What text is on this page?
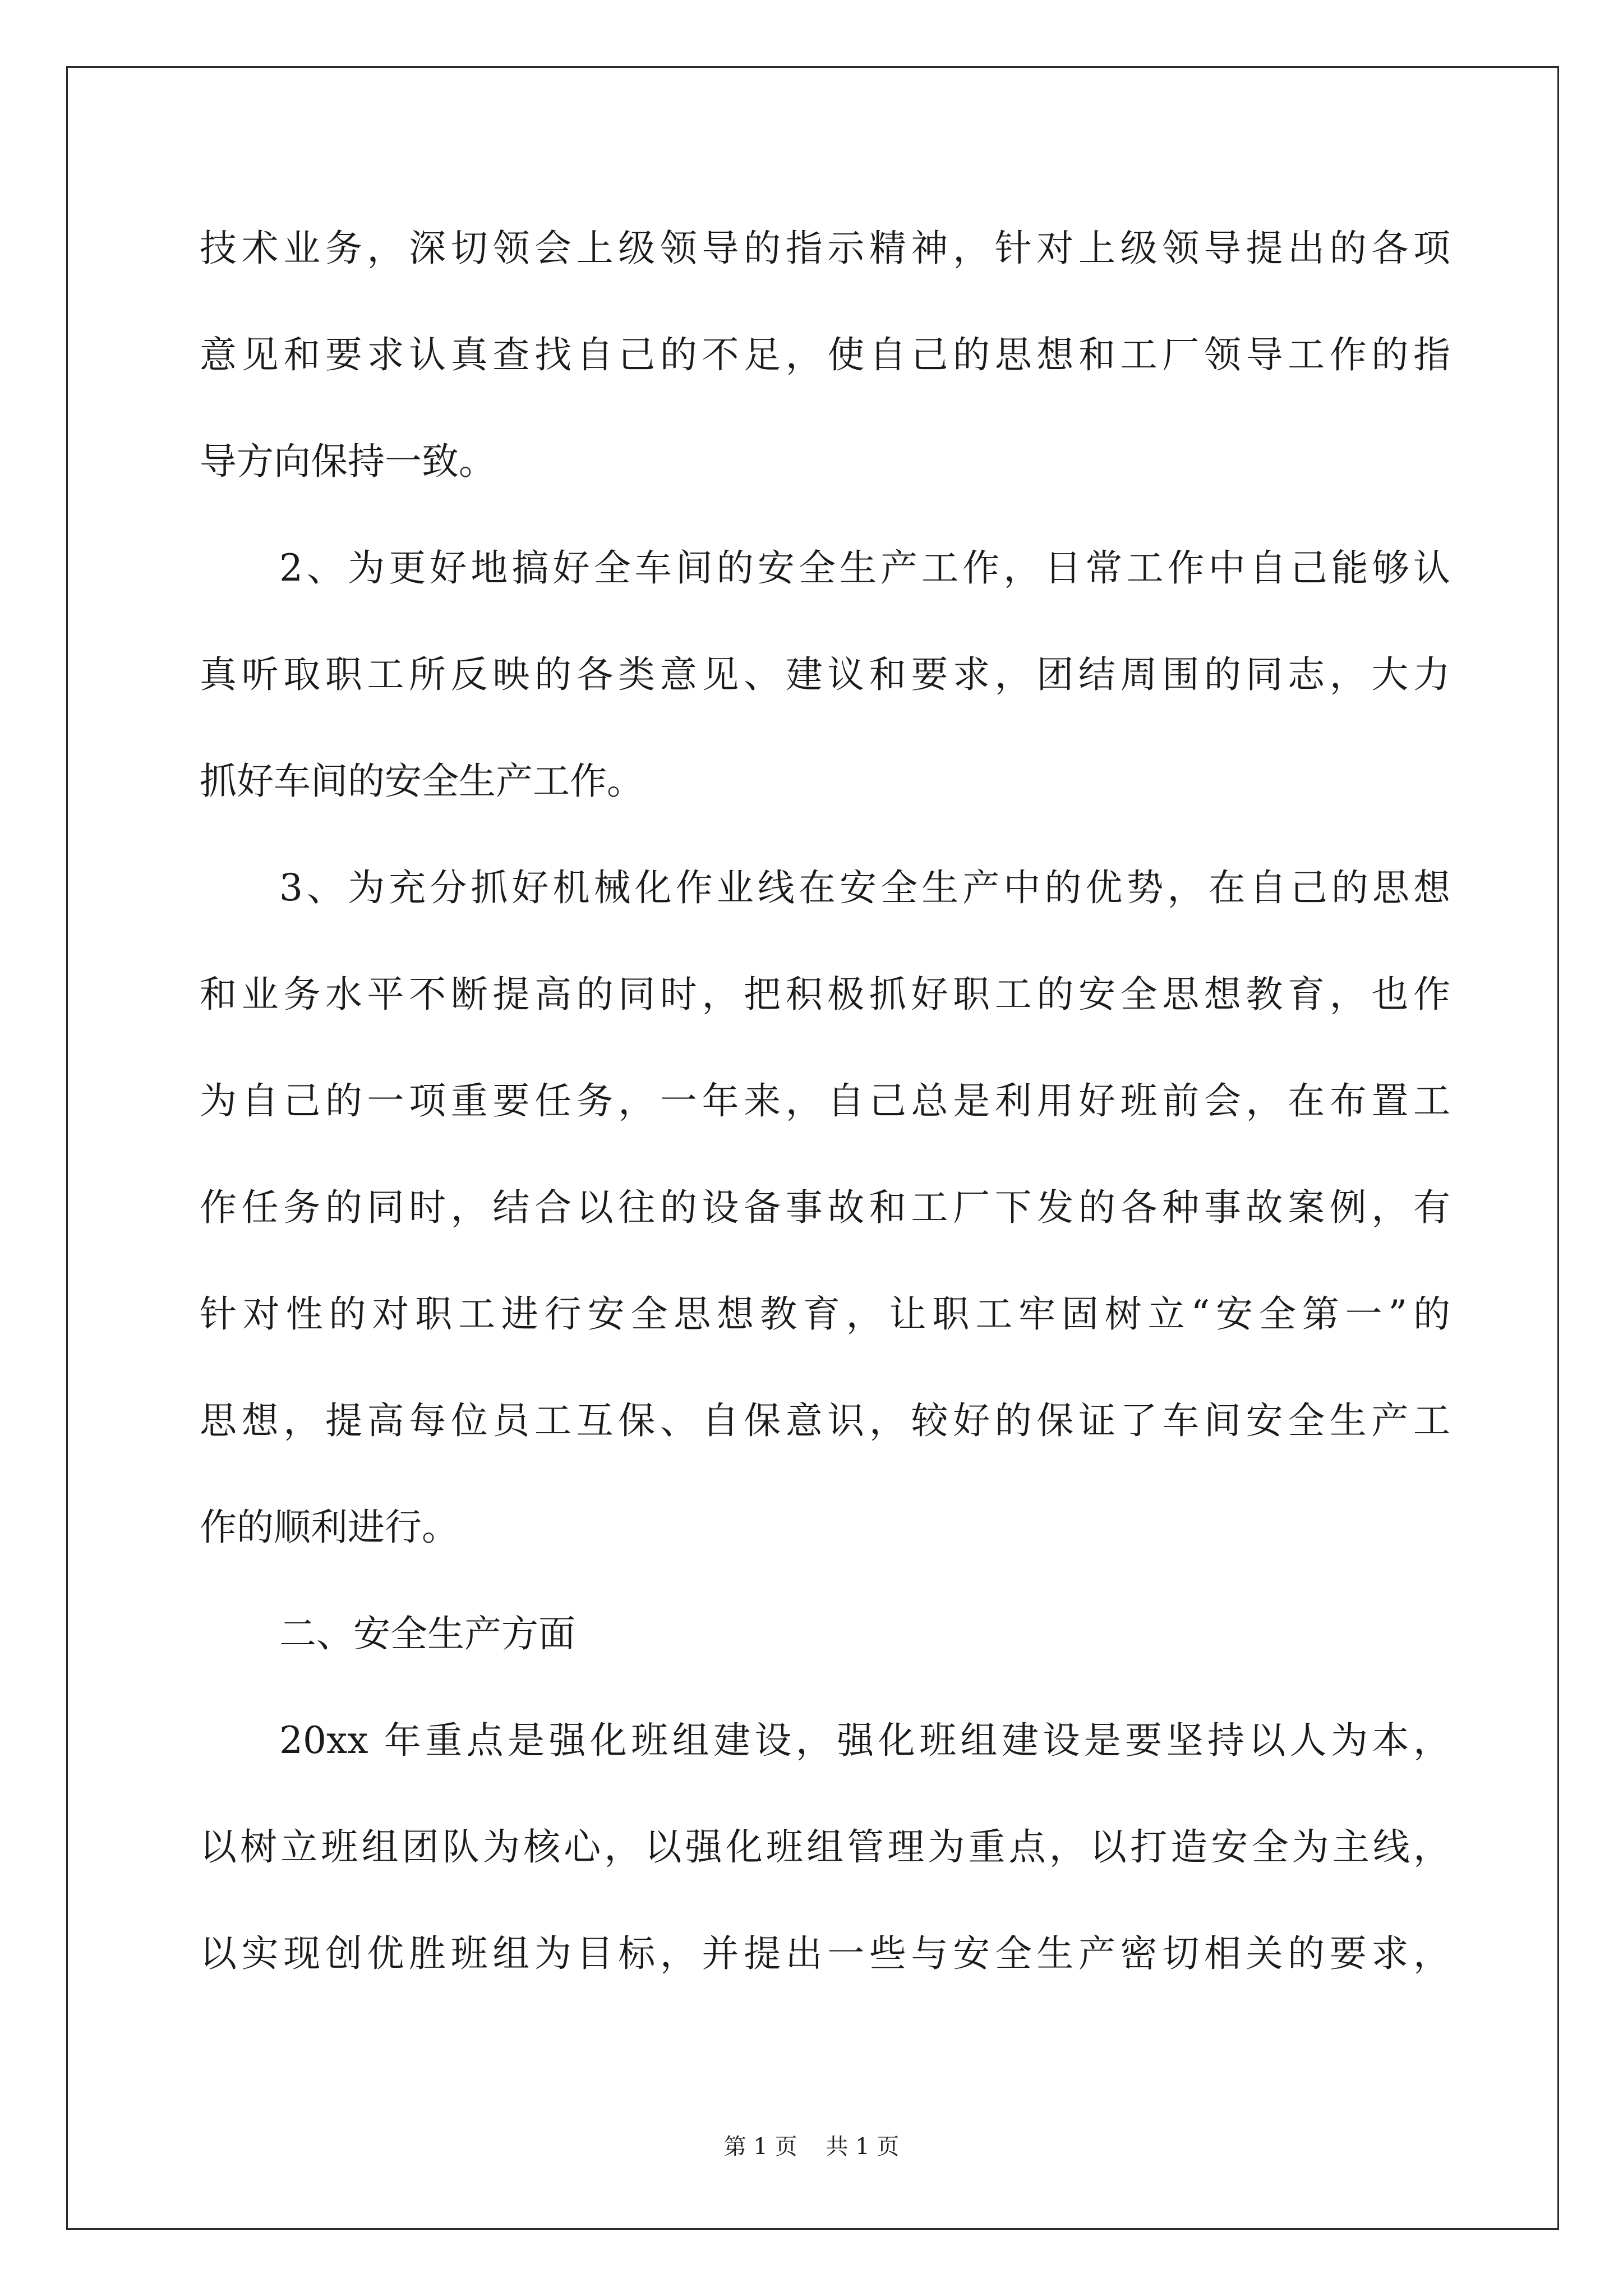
技术业务，深切领会上级领导的指示精神，针对上级领导提出的各项
意见和要求认真查找自己的不足，使自己的思想和工厂领导工作的指
导方向保持一致。
2、为更好地搞好全车间的安全生产工作，日常工作中自己能够认
真听取职工所反映的各类意见、建议和要求，团结周围的同志，大力
抓好车间的安全生产工作。
3、为充分抓好机械化作业线在安全生产中的优势，在自己的思想
和业务水平不断提高的同时，把积极抓好职工的安全思想教育，也作
为自己的一项重要任务，一年来，自己总是利用好班前会，在布置工
作任务的同时，结合以往的设备事故和工厂下发的各种事故案例，有
针对性的对职工进行安全思想教育，让职工牢固树立“安全第一”的
思想，提高每位员工互保、自保意识，较好的保证了车间安全生产工
作的顺利进行。
二、安全生产方面
20xx 年重点是强化班组建设，强化班组建设是要坚持以人为本，
以树立班组团队为核心，以强化班组管理为重点，以打造安全为主线，
以实现创优胜班组为目标，并提出一些与安全生产密切相关的要求，
第 1 页    共 1 页
